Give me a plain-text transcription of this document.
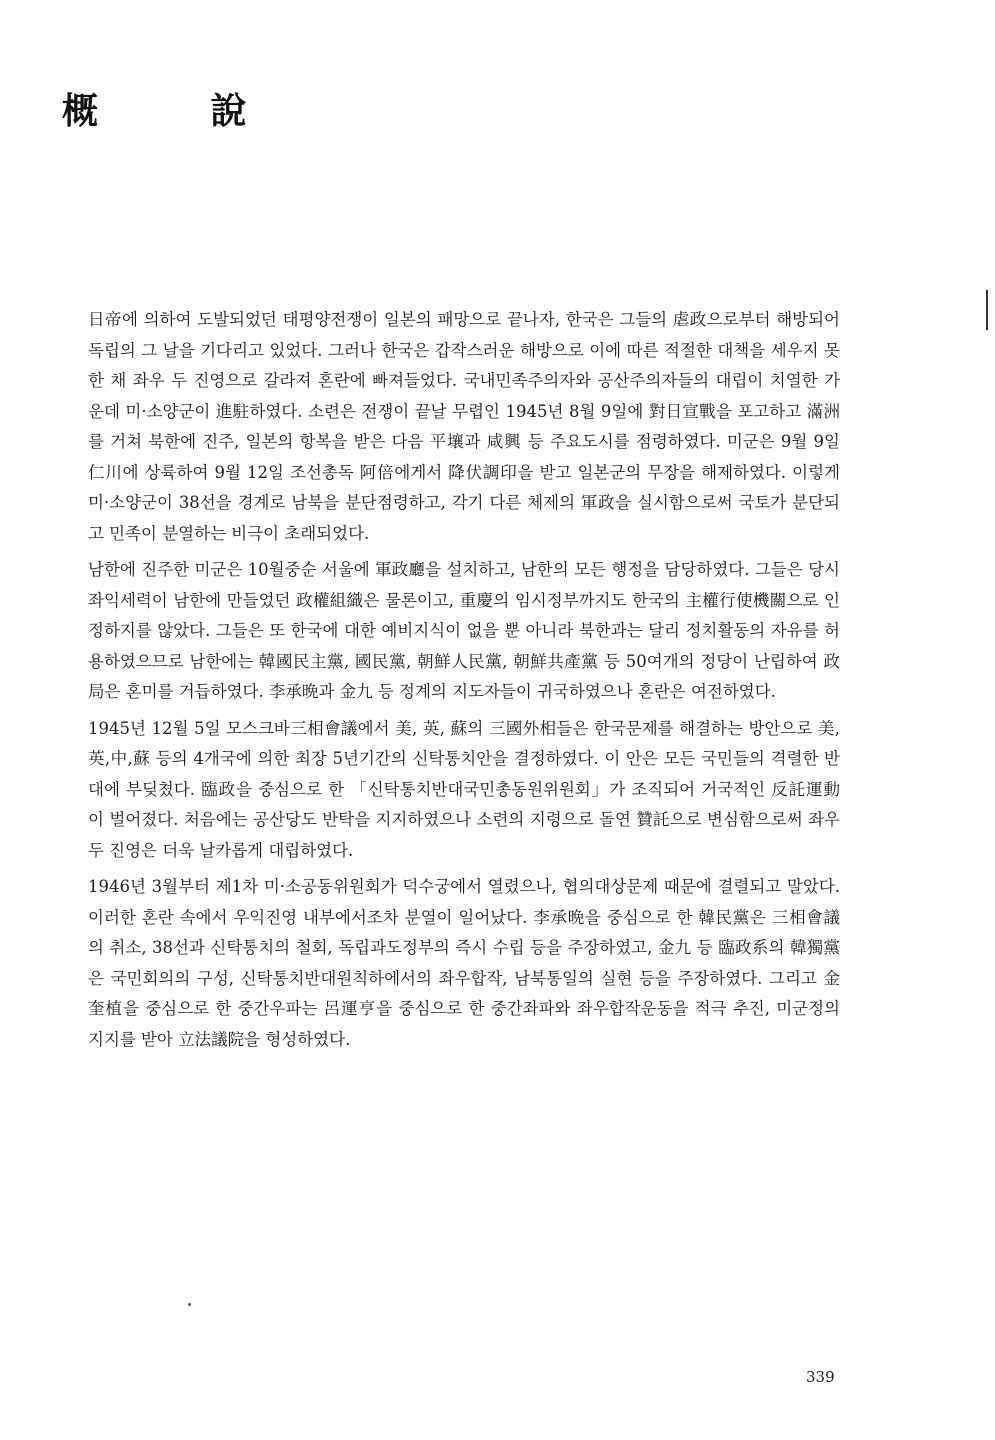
概 說

日帝에 의하여 도발되었던 태평양전쟁이 일본의 패망으로 끝나자, 한국은 그들의 虐政으로부터 해방되어 독립의 그 날을 기다리고 있었다. 그러나 한국은 갑작스러운 해방으로 이에 따른 적절한 대책을 세우지 못한 채 좌우 두 진영으로 갈라져 혼란에 빠져들었다. 국내민족주의자와 공산주의자들의 대립이 치열한 가운데 미·소양군이 進駐하였다. 소련은 전쟁이 끝날 무렵인 1945년 8월 9일에 對日宣戰을 포고하고 滿洲를 거쳐 북한에 진주, 일본의 항복을 받은 다음 平壤과 咸興 등 주요도시를 점령하였다. 미군은 9월 9일 仁川에 상륙하여 9월 12일 조선총독 阿倍에게서 降伏調印을 받고 일본군의 무장을 해제하였다. 이렇게 미·소양군이 38선을 경계로 남북을 분단점령하고, 각기 다른 체제의 軍政을 실시함으로써 국토가 분단되고 민족이 분열하는 비극이 초래되었다.

남한에 진주한 미군은 10월중순 서울에 軍政廳을 설치하고, 남한의 모든 행정을 담당하였다. 그들은 당시 좌익세력이 남한에 만들었던 政權組織은 물론이고, 重慶의 임시정부까지도 한국의 主權行使機關으로 인정하지를 않았다. 그들은 또 한국에 대한 예비지식이 없을 뿐 아니라 북한과는 달리 정치활동의 자유를 허용하였으므로 남한에는 韓國民主黨, 國民黨, 朝鮮人民黨, 朝鮮共產黨 등 50여개의 정당이 난립하여 政局은 혼미를 거듭하였다. 李承晩과 金九 등 정계의 지도자들이 귀국하였으나 혼란은 여전하였다.

1945년 12월 5일 모스크바三相會議에서 美, 英, 蘇의 三國外相들은 한국문제를 해결하는 방안으로 美,英,中,蘇 등의 4개국에 의한 최장 5년기간의 신탁통치안을 결정하였다. 이 안은 모든 국민들의 격렬한 반대에 부딪쳤다. 臨政을 중심으로 한 「신탁통치반대국민총동원위원회」가 조직되어 거국적인 反託運動이 벌어졌다. 처음에는 공산당도 반탁을 지지하였으나 소련의 지령으로 돌연 贊託으로 변심함으로써 좌우 두 진영은 더욱 날카롭게 대립하였다.

1946년 3월부터 제1차 미·소공동위원회가 덕수궁에서 열렸으나, 협의대상문제 때문에 결렬되고 말았다. 이러한 혼란 속에서 우익진영 내부에서조차 분열이 일어났다. 李承晩을 중심으로 한 韓民黨은 三相會議의 취소, 38선과 신탁통치의 철회, 독립과도정부의 즉시 수립 등을 주장하였고, 金九 등 臨政系의 韓獨黨은 국민회의의 구성, 신탁통치반대원칙하에서의 좌우합작, 남북통일의 실현 등을 주장하였다. 그리고 金奎植을 중심으로 한 중간우파는 呂運亨을 중심으로 한 중간좌파와 좌우합작운동을 적극 추진, 미군정의 지지를 받아 立法議院을 형성하였다.

339
